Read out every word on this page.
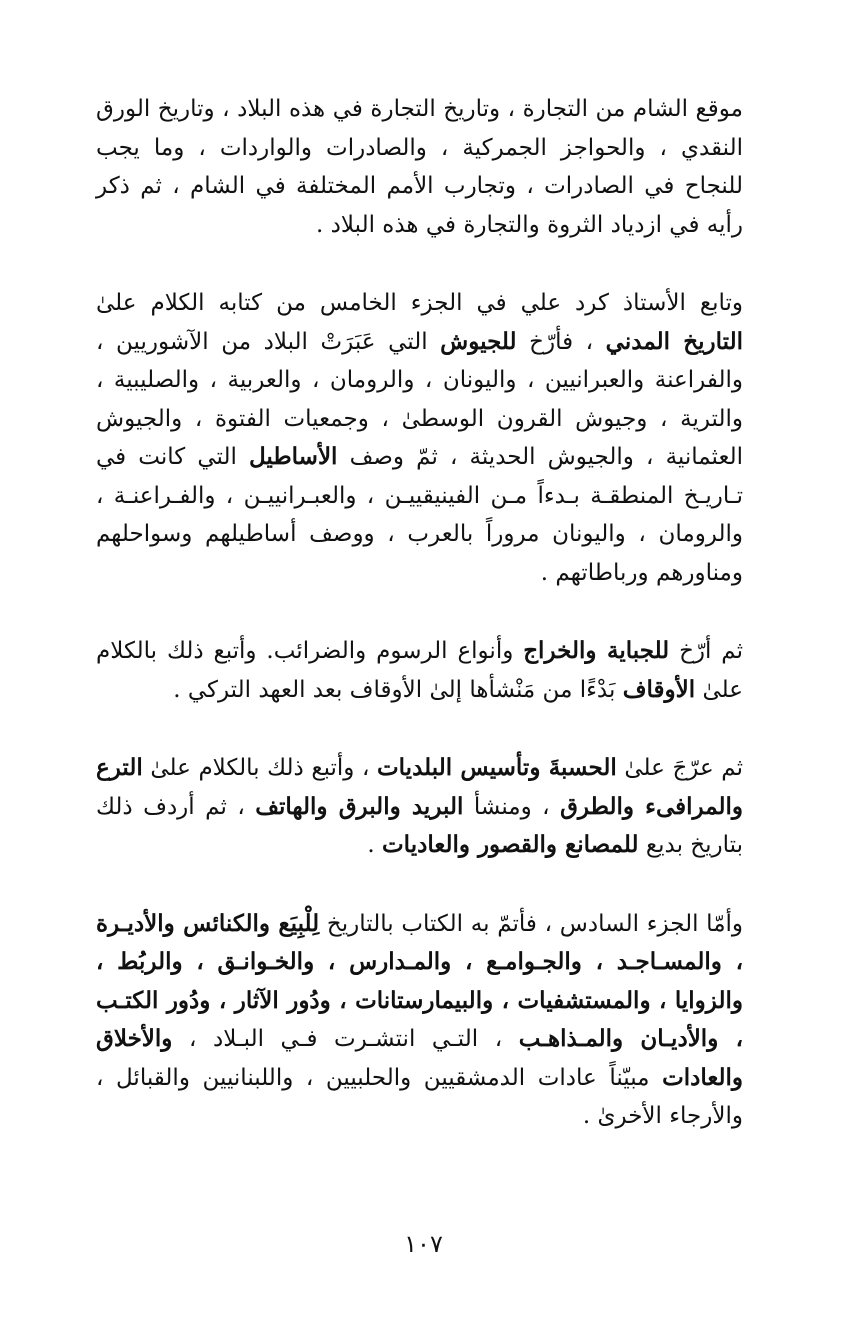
موقع الشام من التجارة ، وتاريخ التجارة في هذه البلاد ، وتاريخ الورق النقدي ، والحواجز الجمركية ، والصادرات والواردات ، وما يجب للنجاح في الصادرات ، وتجارب الأمم المختلفة في الشام ، ثم ذكر رأيه في ازدياد الثروة والتجارة في هذه البلاد .

وتابع الأستاذ كرد علي في الجزء الخامس من كتابه الكلام علىٰ التاريخ المدني ، فأرّخ للجيوش التي عَبَرَتْ البلاد من الآشوريين ، والفراعنة والعبرانيين ، واليونان ، والرومان ، والعربية ، والصليبية ، والترية ، وجيوش القرون الوسطىٰ ، وجمعيات الفتوة ، والجيوش العثمانية ، والجيوش الحديثة ، ثمّ وصف الأساطيل التي كانت في تـاريـخ المنطقـة بـدءاً مـن الفينيقييـن ، والعبـرانييـن ، والفـراعنـة ، والرومان ، واليونان مروراً بالعرب ، ووصف أساطيلهم وسواحلهم ومناورهم ورباطاتهم .

ثم أرّخ للجباية والخراج وأنواع الرسوم والضرائب. وأتبع ذلك بالكلام علىٰ الأوقاف بَدْءًا من مَنْشأها إلىٰ الأوقاف بعد العهد التركي .

ثم عرّجَ علىٰ الحسبةَ وتأسيس البلديات ، وأتبع ذلك بالكلام علىٰ الترع والمرافىء والطرق ، ومنشأ البريد والبرق والهاتف ، ثم أردف ذلك بتاريخ بديع للمصانع والقصور والعاديات .

وأمّا الجزء السادس ، فأتمّ به الكتاب بالتاريخ لِلْبِيَع والكنائس والأديـرة ، والمسـاجـد ، والجـوامـع ، والمـدارس ، والخـوانـق ، والربُط ، والزوايا ، والمستشفيات ، والبيمارستانات ، ودُور الآثار ، ودُور الكتـب ، والأديـان والمـذاهـب ، التـي انتشـرت فـي البـلاد ، والأخلاق والعادات مبيّناً عادات الدمشقيين والحلبيين ، واللبنانيين والقبائل ، والأرجاء الأخرىٰ .

١٠٧
